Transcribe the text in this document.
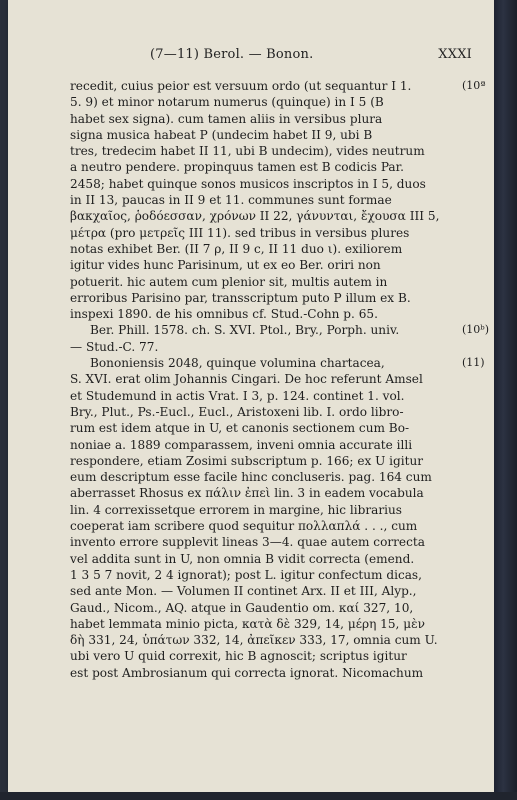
(7—11) Berol. — Bonon.	XXXI
recedit, cuius peior est versuum ordo (ut sequantur I 1.	(10ª
5. 9) et minor notarum numerus (quinque) in I 5 (B
habet sex signa). cum tamen aliis in versibus plura
signa musica habeat P (undecim habet II 9, ubi B
tres, tredecim habet II 11, ubi B undecim), vides neutrum
a neutro pendere. propinquus tamen est B codicis Par.
2458; habet quinque sonos musicos inscriptos in I 5, duos
in II 13, paucas in II 9 et 11. communes sunt formae
βακχαῖος, ῥοδόεσσαν, χρόνων II 22, γάνυνται, ἔχουσα III 5,
μέτρα (pro μετρεῖς III 11). sed tribus in versibus plures
notas exhibet Ber. (II 7 ρ, II 9 c, II 11 duo ι). exiliorem
igitur vides hunc Parisinum, ut ex eo Ber. oriri non
potuerit. hic autem cum plenior sit, multis autem in
erroribus Parisino par, transscriptum puto P illum ex B.
inspexi 1890. de his omnibus cf. Stud.-Cohn p. 65.
Ber. Phill. 1578. ch. S. XVI. Ptol., Bry., Porph. univ.	(10ᵇ)
— Stud.-C. 77.
Bononiensis 2048, quinque volumina chartacea,	(11)
S. XVI. erat olim Johannis Cingari. De hoc referunt Amsel
et Studemund in actis Vrat. I 3, p. 124. continet 1. vol.
Bry., Plut., Ps.-Eucl., Eucl., Aristoxeni lib. I. ordo libro-
rum est idem atque in U, et canonis sectionem cum Bo-
noniae a. 1889 comparassem, inveni omnia accurate illi
respondere, etiam Zosimi subscriptum p. 166; ex U igitur
eum descriptum esse facile hinc concluseris. pag. 164 cum
aberrasset Rhosus ex πάλιν ἐπεὶ lin. 3 in eadem vocabula
lin. 4 correxissetque errorem in margine, hic librarius
coeperat iam scribere quod sequitur πολλαπλά . . ., cum
invento errore supplevit lineas 3—4. quae autem correcta
vel addita sunt in U, non omnia B vidit correcta (emend.
1 3 5 7 novit, 2 4 ignorat); post L. igitur confectum dicas,
sed ante Mon. — Volumen II continet Arx. II et III, Alyp.,
Gaud., Nicom., AQ. atque in Gaudentio om. καί 327, 10,
habet lemmata minio picta, κατὰ δὲ 329, 14, μέρη 15, μὲν
δὴ 331, 24, ὑπάτων 332, 14, ἀπεῖκεν 333, 17, omnia cum U.
ubi vero U quid correxit, hic B agnoscit; scriptus igitur
est post Ambrosianum qui correcta ignorat. Nicomachum
